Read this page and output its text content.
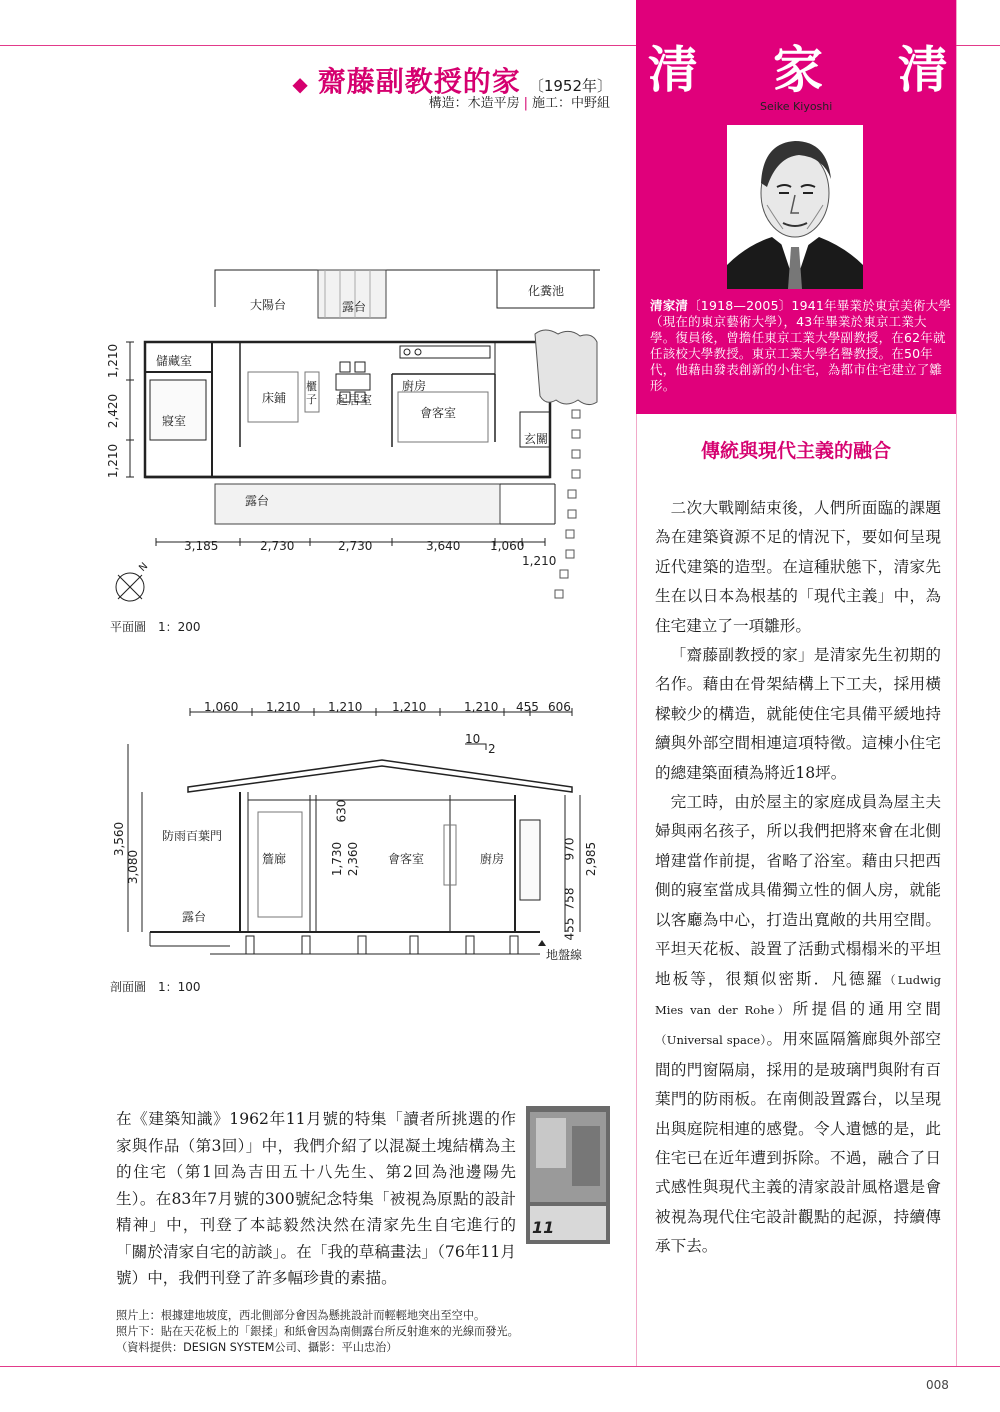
◆ 齋藤副教授的家 〔1952年〕
構造：木造平房 | 施工：中野組
清 家 清
Seike Kiyoshi
清家清〔1918—2005〕1941年畢業於東京美術大學（現在的東京藝術大學），43年畢業於東京工業大學。復員後，曾擔任東京工業大學副教授，在62年就任該校大學教授。東京工業大學名譽教授。在50年代，他藉由發表創新的小住宅，為都市住宅建立了雛形。
傳統與現代主義的融合

二次大戰剛結束後，人們所面臨的課題為在建築資源不足的情況下，要如何呈現近代建築的造型。在這種狀態下，清家先生在以日本為根基的「現代主義」中，為住宅建立了一項雛形。

「齋藤副教授的家」是清家先生初期的名作。藉由在骨架結構上下工夫，採用橫樑較少的構造，就能使住宅具備平緩地持續與外部空間相連這項特徵。這棟小住宅的總建築面積為將近18坪。

完工時，由於屋主的家庭成員為屋主夫婦與兩名孩子，所以我們把將來會在北側增建當作前提，省略了浴室。藉由只把西側的寢室當成具備獨立性的個人房，就能以客廳為中心，打造出寬敞的共用空間。平坦天花板、設置了活動式榻榻米的平坦地板等，很類似密斯．凡德羅（Ludwig Mies van der Rohe）所提倡的通用空間（Universal space）。用來區隔簷廊與外部空間的門窗隔扇，採用的是玻璃門與附有百葉門的防雨板。在南側設置露台，以呈現出與庭院相連的感覺。令人遺憾的是，此住宅已在近年遭到拆除。不過，融合了日式感性與現代主義的清家設計風格還是會被視為現代住宅設計觀點的起源，持續傳承下去。

大陽台	露台
化糞池
儲藏室
廚房
床鋪
櫃子 起居室
會客室
寢室
玄關
露台
3,185	2,730	2,730	3,640 1,060
1,210
1,210
2,420
1,210
N
平面圖　1：200
1,060 1,210 1,210 1,210	1,210 455 606
10
2
3,560
3,080
630
1,730 2,360	970 2,985
758
455
防雨百葉門
簷廊	會客室	廚房
露台
地盤線
剖面圖　1：100
在《建築知識》1962年11月號的特集「讀者所挑選的作家與作品（第3回）」中，我們介紹了以混凝土塊結構為主的住宅（第1回為吉田五十八先生、第2回為池邊陽先生）。在83年7月號的300號紀念特集「被視為原點的設計精神」中，刊登了本誌毅然決然在清家先生自宅進行的「關於清家自宅的訪談」。在「我的草稿畫法」（76年11月號）中，我們刊登了許多幅珍貴的素描。
11
照片上：根據建地坡度，西北側部分會因為懸挑設計而輕輕地突出至空中。
照片下：貼在天花板上的「銀揉」和紙會因為南側露台所反射進來的光線而發光。
（資料提供：DESIGN SYSTEM公司、攝影：平山忠治）
008
